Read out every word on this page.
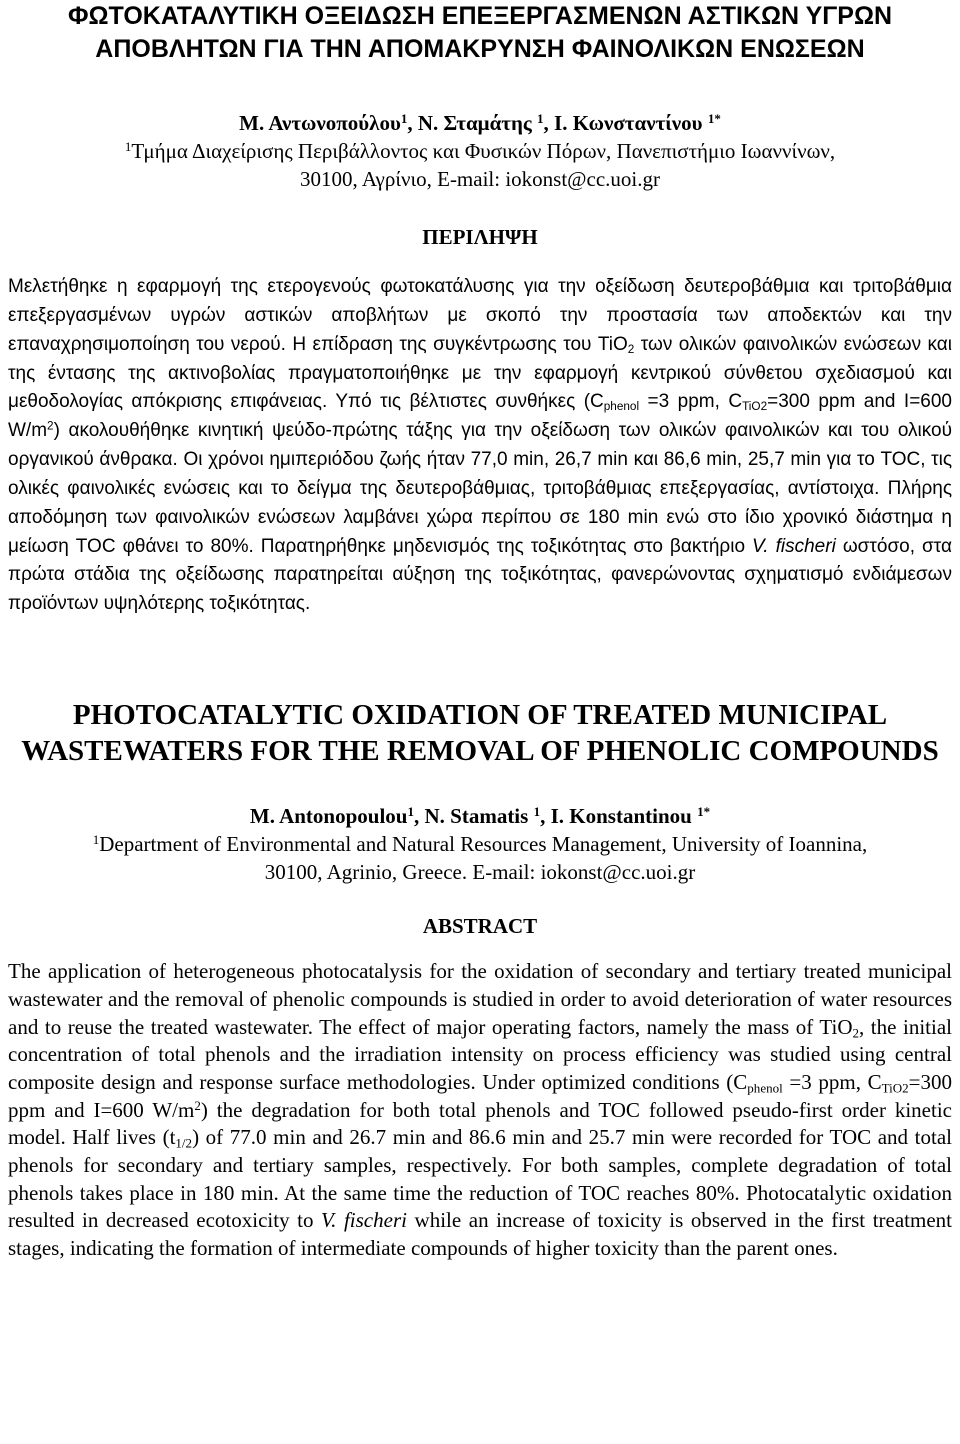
ΦΩΤΟΚΑΤΑΛΥΤΙΚΗ ΟΞΕΙΔΩΣΗ ΕΠΕΞΕΡΓΑΣΜΕΝΩΝ ΑΣΤΙΚΩΝ ΥΓΡΩΝ ΑΠΟΒΛΗΤΩΝ ΓΙΑ ΤΗΝ ΑΠΟΜΑΚΡΥΝΣΗ ΦΑΙΝΟΛΙΚΩΝ ΕΝΩΣΕΩΝ
Μ. Αντωνοπούλου$^1$, Ν. Σταμάτης $^1$, Ι. Κωνσταντίνου $^{1*}$
$^1$Τμήμα Διαχείρισης Περιβάλλοντος και Φυσικών Πόρων, Πανεπιστήμιο Ιωαννίνων,
30100, Αγρίνιο, E-mail: iokonst@cc.uoi.gr
ΠΕΡΙΛΗΨΗ

Μελετήθηκε η εφαρμογή της ετερογενούς φωτοκατάλυσης για την οξείδωση δευτεροβάθμια και τριτοβάθμια επεξεργασμένων υγρών αστικών αποβλήτων με σκοπό την προστασία των αποδεκτών και την επαναχρησιμοποίηση του νερού. Η επίδραση της συγκέντρωσης του TiO$_2$ των ολικών φαινολικών ενώσεων και της έντασης της ακτινοβολίας πραγματοποιήθηκε με την εφαρμογή κεντρικού σύνθετου σχεδιασμού και μεθοδολογίας απόκρισης επιφάνειας. Υπό τις βέλτιστες συνθήκες ($C_{phenol} =3$ ppm, $C_{TiO2}=300$ ppm and I=600 $W/m^2$) ακολουθήθηκε κινητική ψεύδο-πρώτης τάξης για την οξείδωση των ολικών φαινολικών και του ολικού οργανικού άνθρακα. Οι χρόνοι ημιπεριόδου ζωής ήταν 77,0 min, 26,7 min και 86,6 min, 25,7 min για το TOC, τις ολικές φαινολικές ενώσεις και το δείγμα της δευτεροβάθμιας, τριτοβάθμιας επεξεργασίας, αντίστοιχα. Πλήρης αποδόμηση των φαινολικών ενώσεων λαμβάνει χώρα περίπου σε 180 min ενώ στο ίδιο χρονικό διάστημα η μείωση TOC φθάνει το 80%. Παρατηρήθηκε μηδενισμός της τοξικότητας στο βακτήριο V. fischeri ωστόσο, στα πρώτα στάδια της οξείδωσης παρατηρείται αύξηση της τοξικότητας, φανερώνοντας σχηματισμό ενδιάμεσων προϊόντων υψηλότερης τοξικότητας.

PHOTOCATALYTIC OXIDATION OF TREATED MUNICIPAL WASTEWATERS FOR THE REMOVAL OF PHENOLIC COMPOUNDS
M. Antonopoulou$^1$, N. Stamatis $^1$, I. Konstantinou $^{1*}$
$^1$Department of Environmental and Natural Resources Management, University of Ioannina,
30100, Agrinio, Greece. E-mail: iokonst@cc.uoi.gr
ABSTRACT

The application of heterogeneous photocatalysis for the oxidation of secondary and tertiary treated municipal wastewater and the removal of phenolic compounds is studied in order to avoid deterioration of water resources and to reuse the treated wastewater. The effect of major operating factors, namely the mass of TiO$_2$, the initial concentration of total phenols and the irradiation intensity on process efficiency was studied using central composite design and response surface methodologies. Under optimized conditions ($C_{phenol} =3$ ppm, $C_{TiO2}=300$ ppm and I=600 $W/m^2$) the degradation for both total phenols and TOC followed pseudo-first order kinetic model. Half lives $(t_{1/2})$ of 77.0 min and 26.7 min and 86.6 min and 25.7 min were recorded for TOC and total phenols for secondary and tertiary samples, respectively. For both samples, complete degradation of total phenols takes place in 180 min. At the same time the reduction of TOC reaches 80%. Photocatalytic oxidation resulted in decreased ecotoxicity to V. fischeri while an increase of toxicity is observed in the first treatment stages, indicating the formation of intermediate compounds of higher toxicity than the parent ones.
